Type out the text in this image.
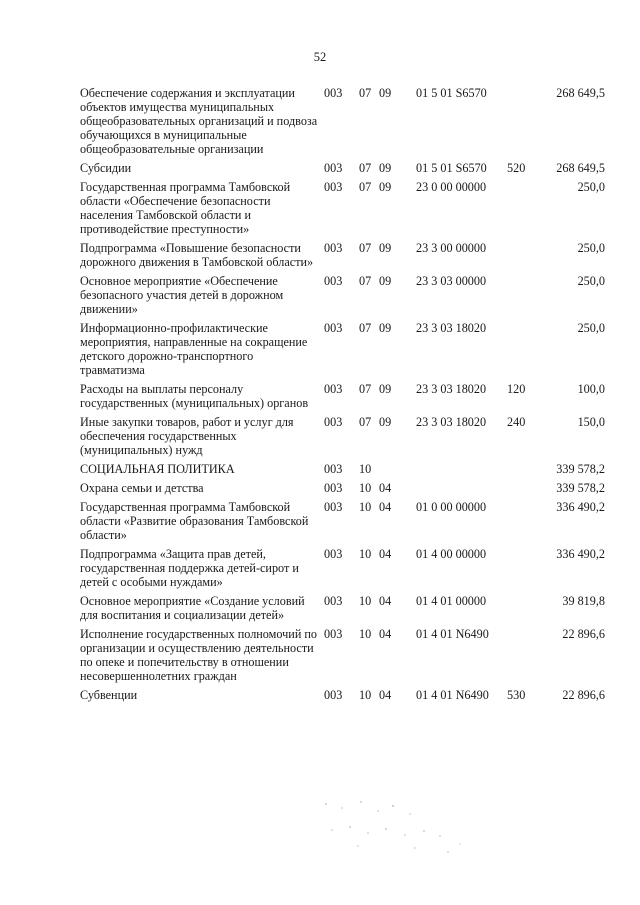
52
Обеспечение содержания и эксплуатации объектов имущества муниципальных общеобразовательных организаций и подвоза обучающихся в муниципальные общеобразовательные организации	003	07	09	01 5 01 S6570		268 649,5
Субсидии	003	07	09	01 5 01 S6570	520	268 649,5
Государственная программа Тамбовской области «Обеспечение безопасности населения Тамбовской области и противодействие преступности»	003	07	09	23 0 00 00000		250,0
Подпрограмма «Повышение безопасности дорожного движения в Тамбовской области»	003	07	09	23 3 00 00000		250,0
Основное мероприятие «Обеспечение безопасного участия детей в дорожном движении»	003	07	09	23 3 03 00000		250,0
Информационно-профилактические мероприятия, направленные на сокращение детского дорожно-транспортного травматизма	003	07	09	23 3 03 18020		250,0
Расходы на выплаты персоналу государственных (муниципальных) органов	003	07	09	23 3 03 18020	120	100,0
Иные закупки товаров, работ и услуг для обеспечения государственных (муниципальных) нужд	003	07	09	23 3 03 18020	240	150,0
СОЦИАЛЬНАЯ ПОЛИТИКА	003	10				339 578,2
Охрана семьи и детства	003	10	04			339 578,2
Государственная программа Тамбовской области «Развитие образования Тамбовской области»	003	10	04	01 0 00 00000		336 490,2
Подпрограмма «Защита прав детей, государственная поддержка детей-сирот и детей с особыми нуждами»	003	10	04	01 4 00 00000		336 490,2
Основное мероприятие «Создание условий для воспитания и социализации детей»	003	10	04	01 4 01 00000		39 819,8
Исполнение государственных полномочий по организации и осуществлению деятельности по опеке и попечительству в отношении несовершеннолетних граждан	003	10	04	01 4 01 N6490		22 896,6
Субвенции	003	10	04	01 4 01 N6490	530	22 896,6
